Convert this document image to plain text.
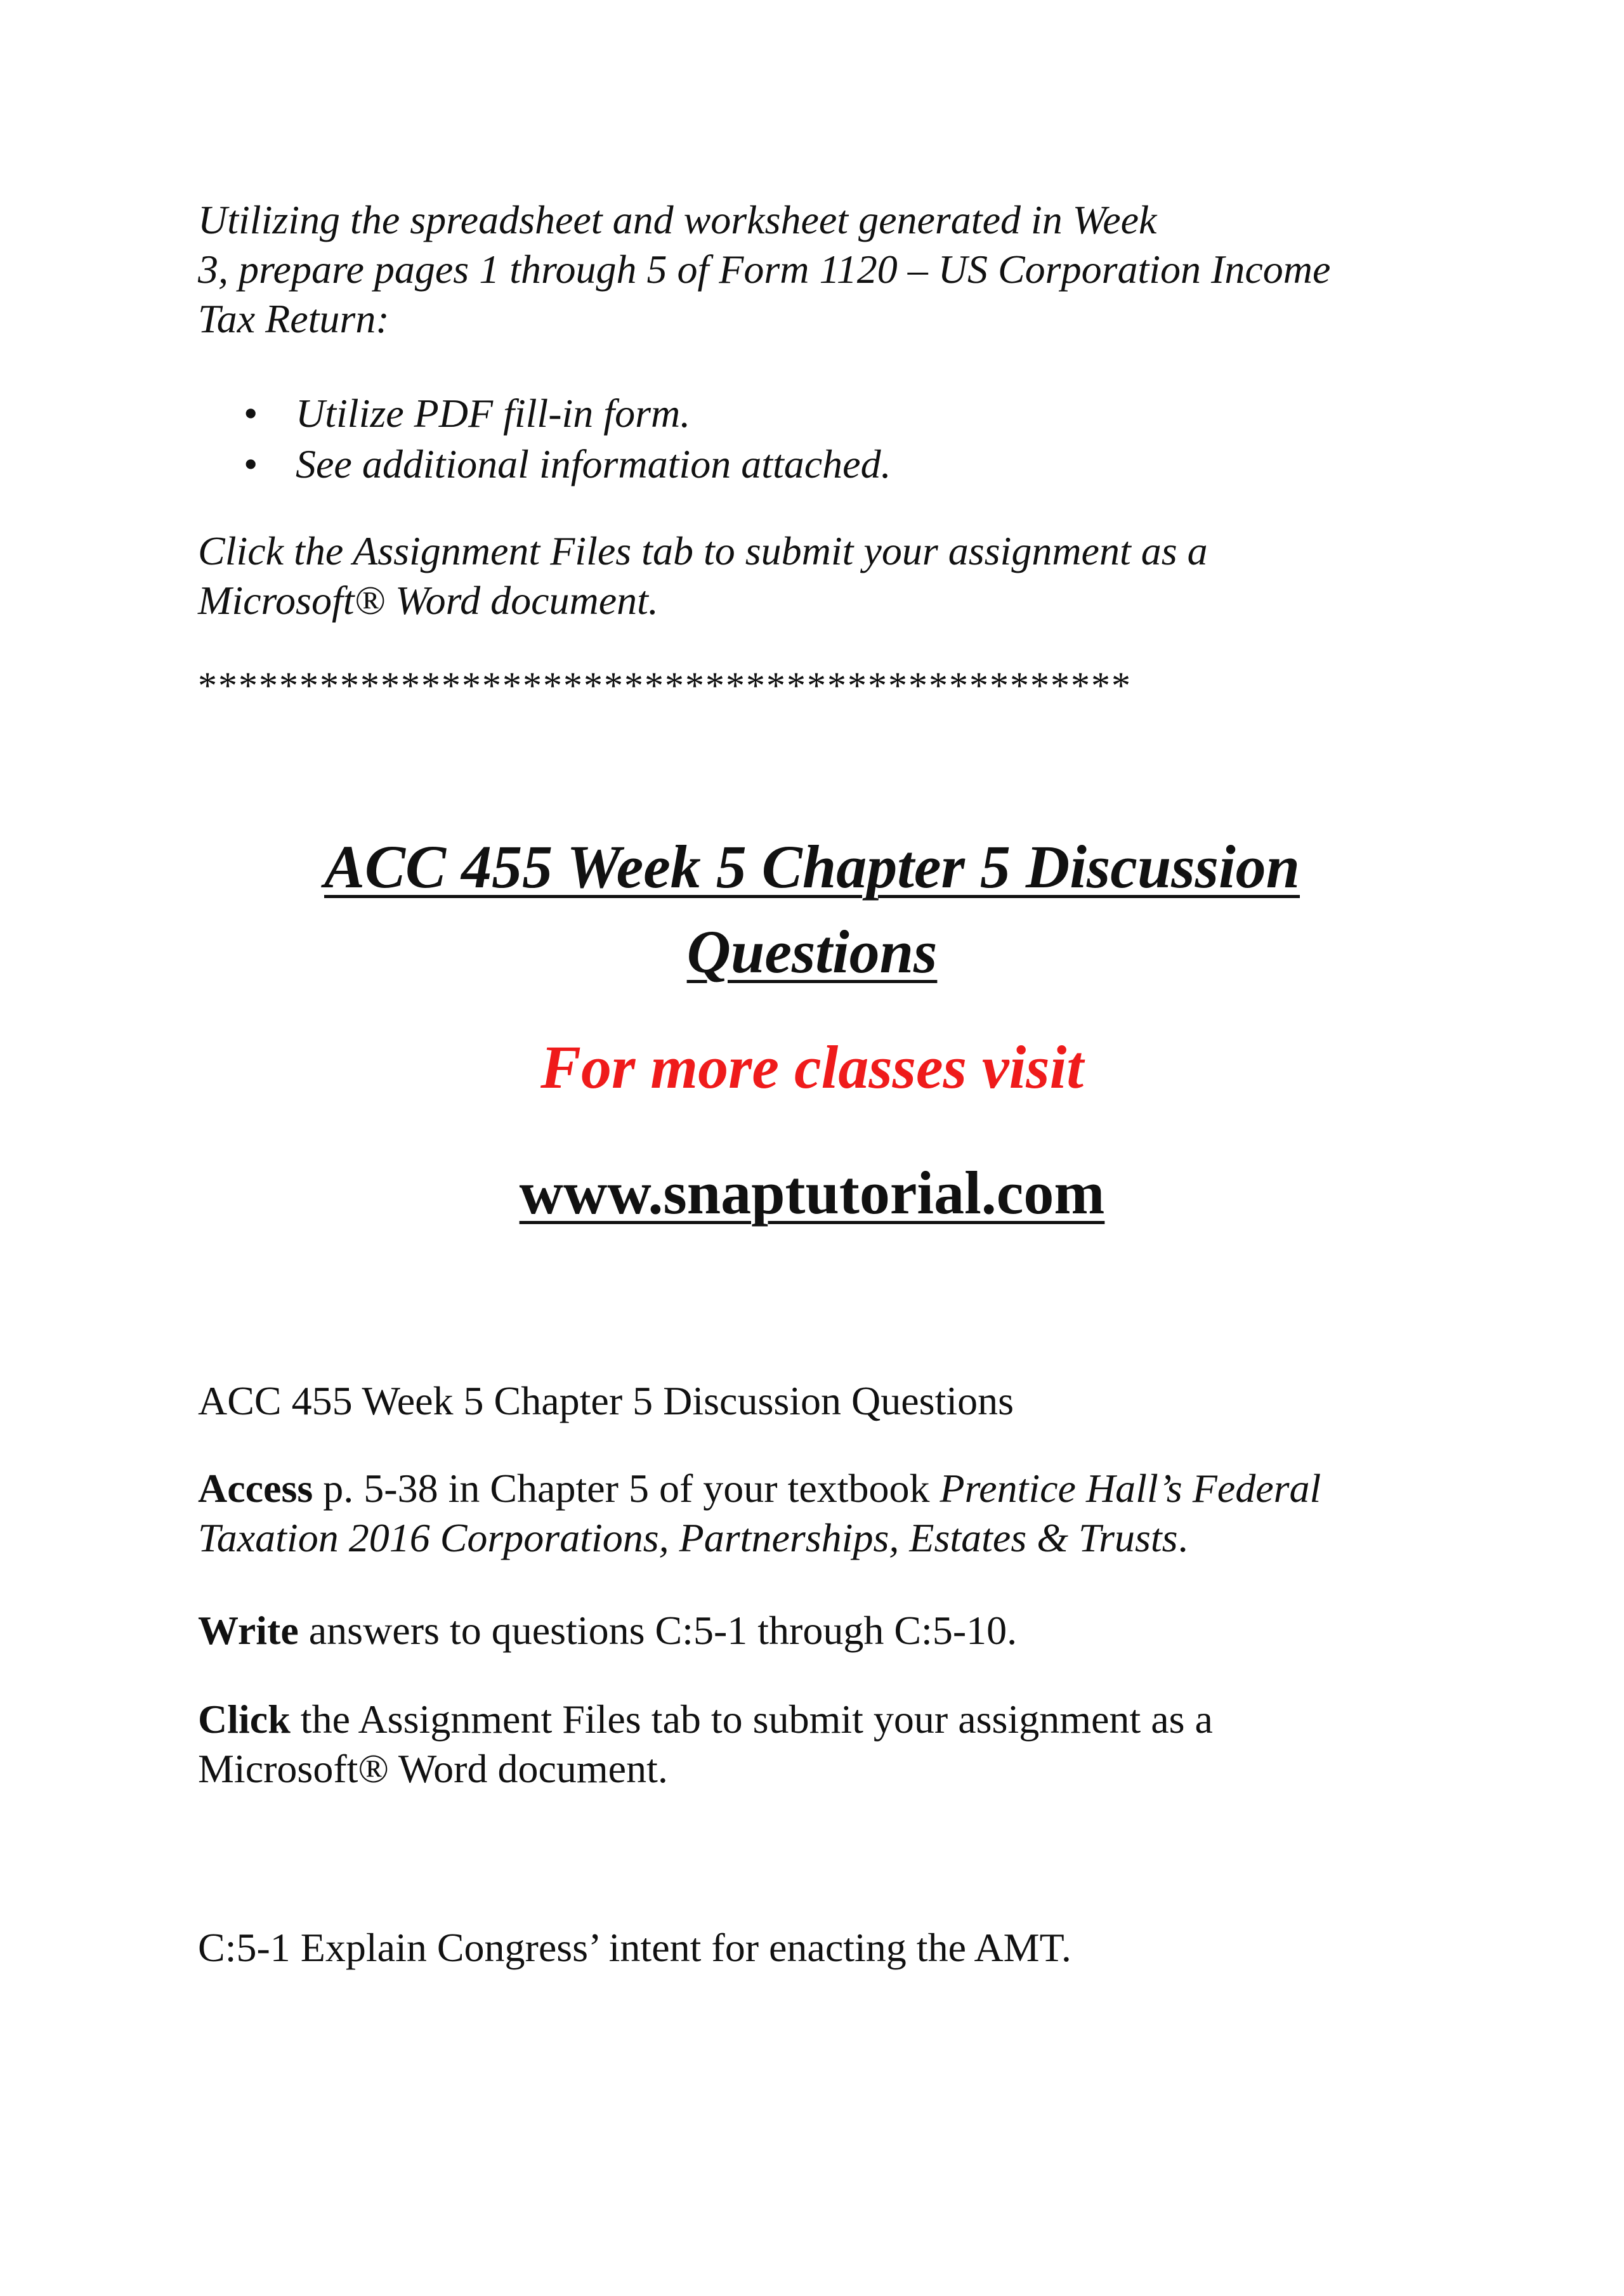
Utilizing the spreadsheet and worksheet generated in Week
3, prepare pages 1 through 5 of Form 1120 – US Corporation Income
Tax Return:

• Utilize PDF fill-in form.
• See additional information attached.

Click the Assignment Files tab to submit your assignment as a
Microsoft® Word document.

**********************************************
ACC 455 Week 5 Chapter 5 Discussion
Questions
For more classes visit
www.snaptutorial.com

ACC 455 Week 5 Chapter 5 Discussion Questions

Access p. 5-38 in Chapter 5 of your textbook Prentice Hall’s Federal
Taxation 2016 Corporations, Partnerships, Estates & Trusts.

Write answers to questions C:5-1 through C:5-10.

Click the Assignment Files tab to submit your assignment as a
Microsoft® Word document.

C:5-1 Explain Congress’ intent for enacting the AMT.
